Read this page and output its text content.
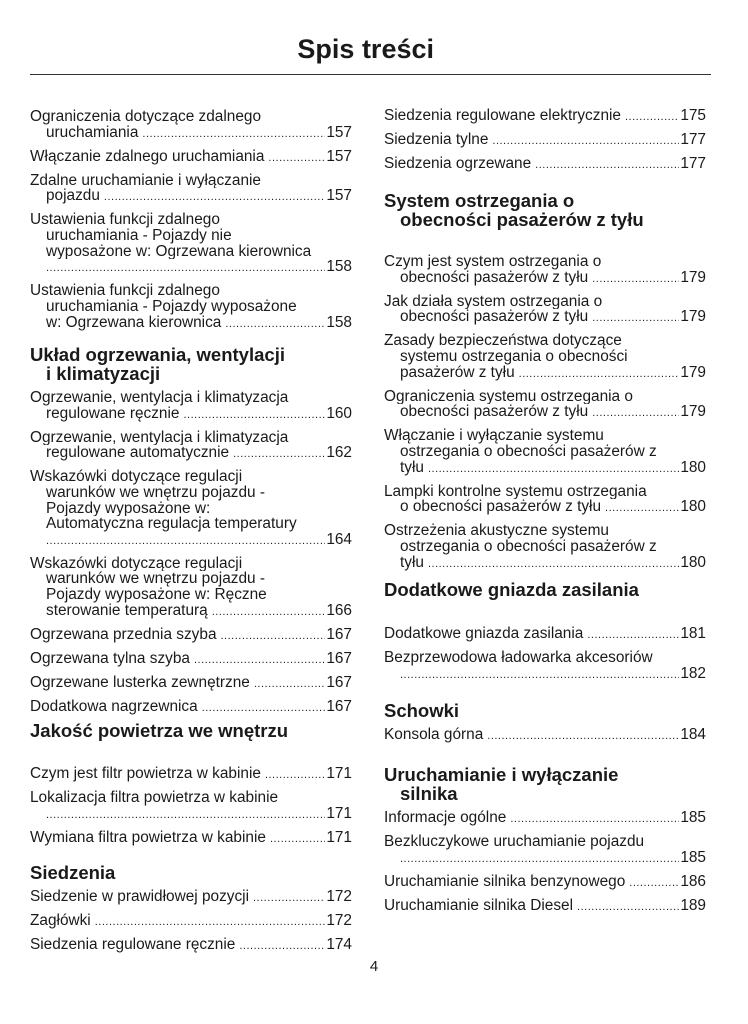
Spis treści
Ograniczenia dotyczące zdalnego
uruchamiania .....	157
Włączanie zdalnego uruchamiania .....	157
Zdalne uruchamianie i wyłączanie
pojazdu .....	157
Ustawienia funkcji zdalnego
uruchamiania - Pojazdy nie
wyposażone w: Ogrzewana kierownica
.....
158
Ustawienia funkcji zdalnego
uruchamiania - Pojazdy wyposażone
w: Ogrzewana kierownica .....	158
Układ ogrzewania, wentylacji

i klimatyzacji
Ogrzewanie, wentylacja i klimatyzacja
regulowane ręcznie .....	160
Ogrzewanie, wentylacja i klimatyzacja
regulowane automatycznie .....	162
Wskazówki dotyczące regulacji
warunków we wnętrzu pojazdu -
Pojazdy wyposażone w:
Automatyczna regulacja temperatury
.....
164
Wskazówki dotyczące regulacji
warunków we wnętrzu pojazdu -
Pojazdy wyposażone w: Ręczne
sterowanie temperaturą .....	166
Ogrzewana przednia szyba .....	167
Ogrzewana tylna szyba .....	167
Ogrzewane lusterka zewnętrzne .....	167
Dodatkowa nagrzewnica .....	167
Jakość powietrza we wnętrzu

Czym jest filtr powietrza w kabinie .....	171
Lokalizacja filtra powietrza w kabinie
.....
171
Wymiana filtra powietrza w kabinie .....	171
Siedzenia

Siedzenie w prawidłowej pozycji .....	172
Zagłówki .....	172
Siedzenia regulowane ręcznie .....	174
Siedzenia regulowane elektrycznie .....	175
Siedzenia tylne .....	177
Siedzenia ogrzewane .....	177
System ostrzegania o

obecności pasażerów z tyłu
Czym jest system ostrzegania o
obecności pasażerów z tyłu .....	179
Jak działa system ostrzegania o
obecności pasażerów z tyłu .....	179
Zasady bezpieczeństwa dotyczące
systemu ostrzegania o obecności
pasażerów z tyłu .....	179
Ograniczenia systemu ostrzegania o
obecności pasażerów z tyłu .....	179
Włączanie i wyłączanie systemu
ostrzegania o obecności pasażerów z
tyłu .....	180
Lampki kontrolne systemu ostrzegania
o obecności pasażerów z tyłu .....	180
Ostrzeżenia akustyczne systemu
ostrzegania o obecności pasażerów z
tyłu .....	180
Dodatkowe gniazda zasilania

Dodatkowe gniazda zasilania .....	181
Bezprzewodowa ładowarka akcesoriów
.....
182
Schowki

Konsola górna .....	184
Uruchamianie i wyłączanie

silnika
Informacje ogólne .....	185
Bezkluczykowe uruchamianie pojazdu
.....
185
Uruchamianie silnika benzynowego .....	186
Uruchamianie silnika Diesel .....	189
4
